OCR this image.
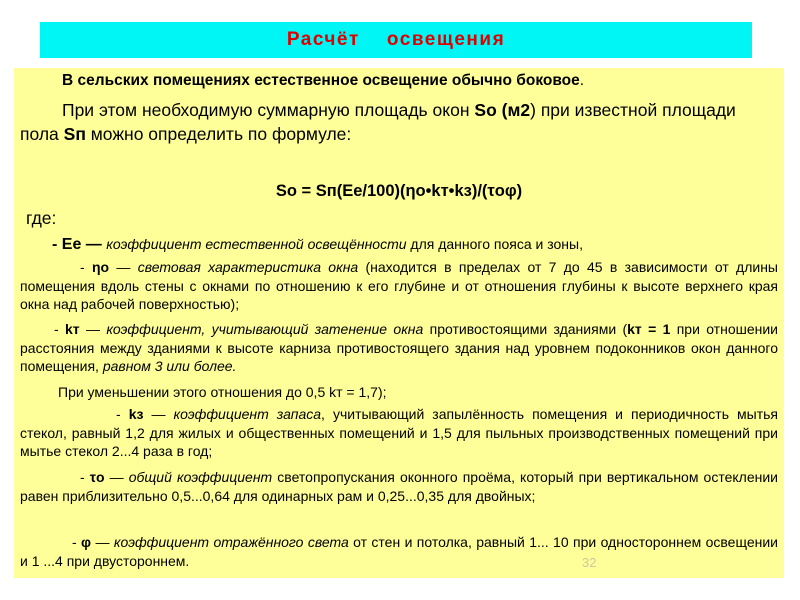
Расчёт    освещения

В сельских помещениях естественное освещение обычно боковое.

При этом необходимую суммарную площадь окон So (м2) при известной площади пола Sп можно определить по формуле:

So = Sп(Ее/100)(ηо•kт•kз)/(τоφ)

где:

- Ее — коэффициент естественной освещённости для данного пояса и зоны,

- ηо — световая характеристика окна (находится в пределах от 7 до 45 в зависимости от длины помещения вдоль стены с окнами по отношению к его глубине и от отношения глубины к высоте верхнего края окна над рабочей поверхностью);

- kт — коэффициент, учитывающий затенение окна противостоящими зданиями (kт = 1 при отношении расстояния между зданиями к высоте карниза противостоящего здания над уровнем подоконников окон данного помещения, равном 3 или более.

При уменьшении этого отношения до 0,5 kт = 1,7);

- kз — коэффициент запаса, учитывающий запылённость помещения и периодичность мытья стекол, равный 1,2 для жилых и общественных помещений и 1,5 для пыльных производственных помещений при мытье стекол 2...4 раза в год;

- τо — общий коэффициент светопропускания оконного проёма, который при вертикальном остеклении равен приблизительно 0,5...0,64 для одинарных рам и 0,25...0,35 для двойных;

- φ — коэффициент отражённого света от стен и потолка, равный 1... 10 при одностороннем освещении и 1 ...4 при двустороннем.	32
